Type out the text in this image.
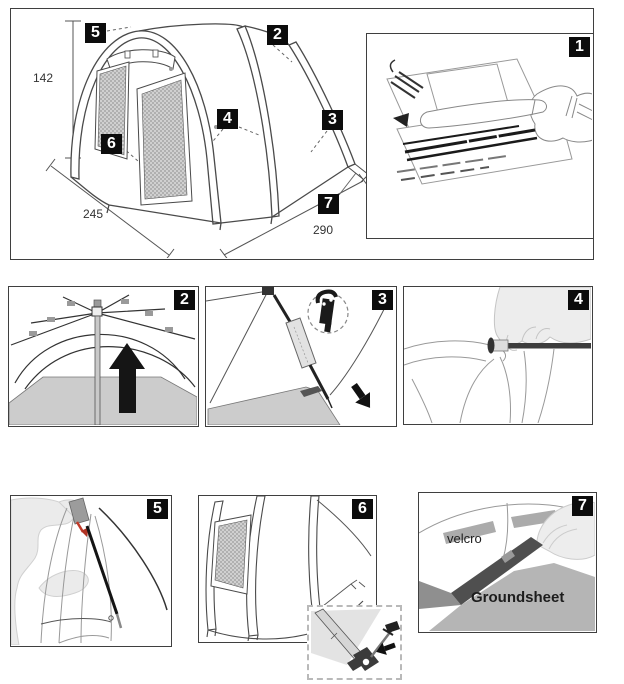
142
245
290
5	2
6
4	3
7
1
2	3	4
5	6	7
velcro
Groundsheet
